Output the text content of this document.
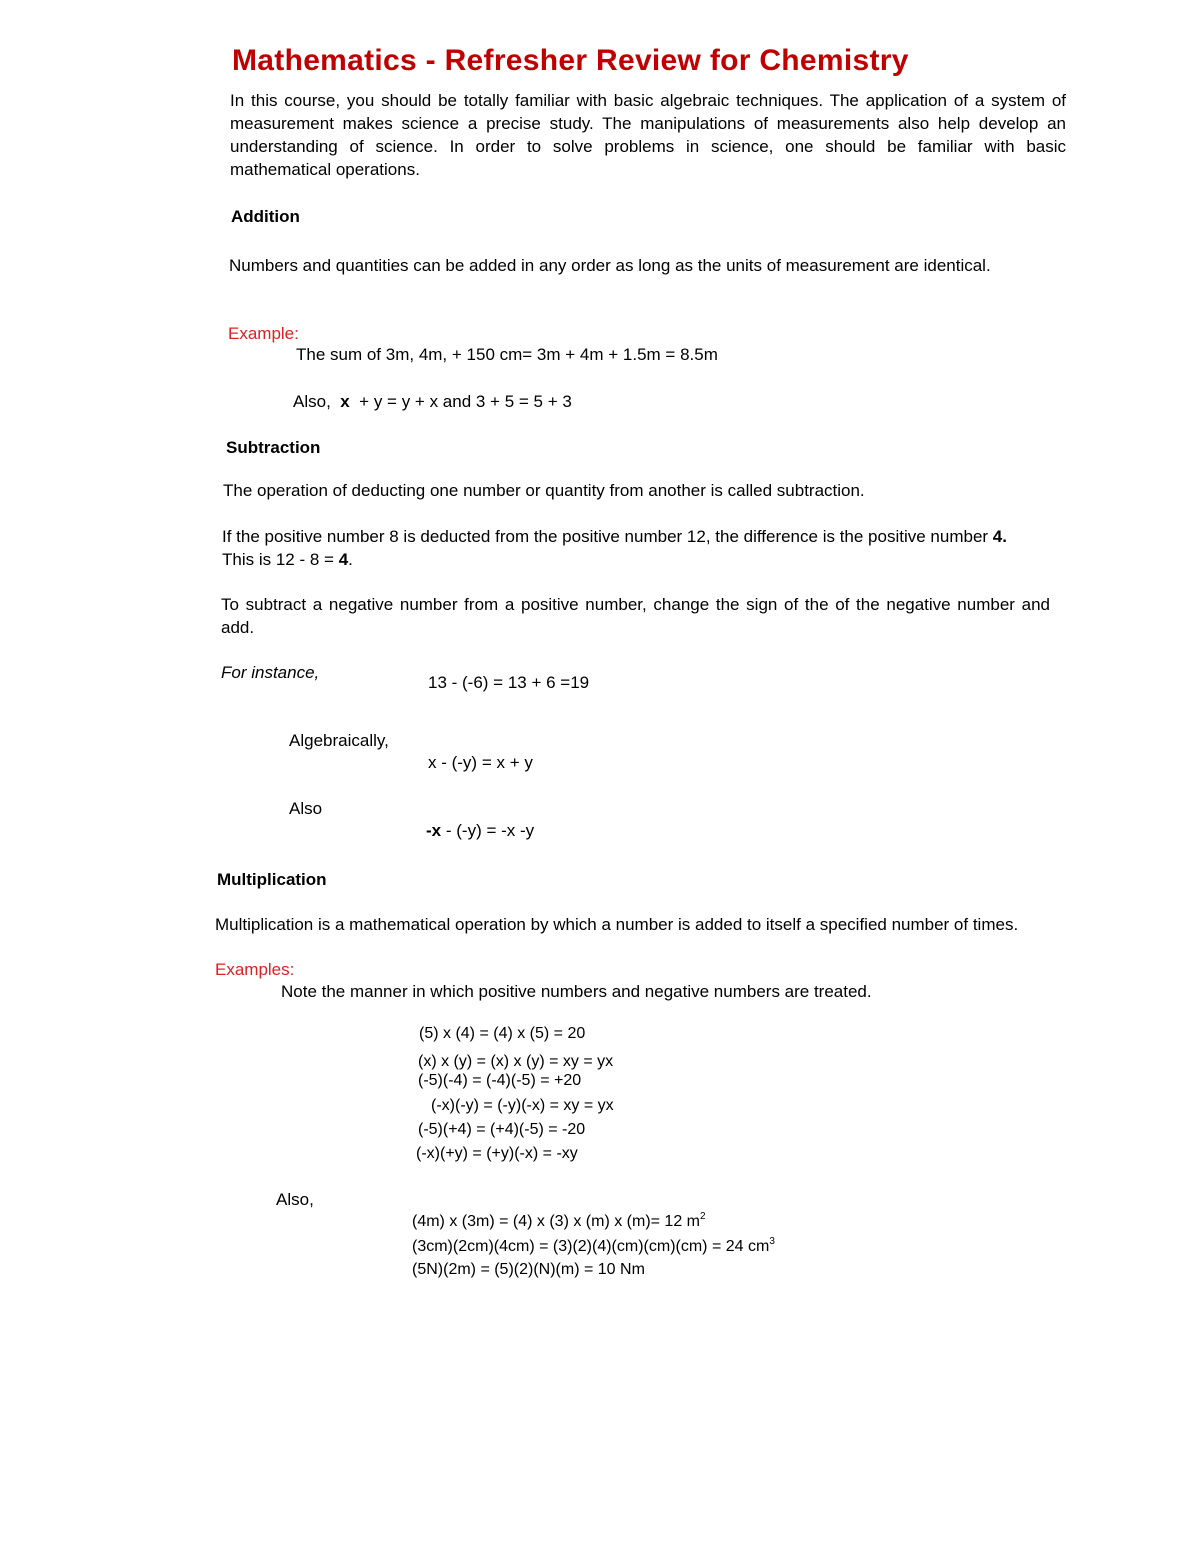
Mathematics - Refresher Review for Chemistry

In this course, you should be totally familiar with basic algebraic techniques. The application of a system of measurement makes science a precise study. The manipulations of measurements also help develop an understanding of science. In order to solve problems in science, one should be familiar with basic mathematical operations.

Addition

Numbers and quantities can be added in any order as long as the units of measurement are identical.

Example:
The sum of 3m, 4m, + 150 cm= 3m + 4m + 1.5m = 8.5m
Also, x + y = y + x and 3 + 5 = 5 + 3
Subtraction
The operation of deducting one number or quantity from another is called subtraction.

If the positive number 8 is deducted from the positive number 12, the difference is the positive number 4. This is 12 - 8 = 4.

To subtract a negative number from a positive number, change the sign of the of the negative number and add.

For instance,
13 - (-6) = 13 + 6 =19
Algebraically,
x - (-y) = x + y
Also
-x - (-y) = -x -y
Multiplication

Multiplication is a mathematical operation by which a number is added to itself a specified number of times.

Examples:
Note the manner in which positive numbers and negative numbers are treated.
(5) x (4) = (4) x (5) = 20
(x) x (y) = (x) x (y) = xy = yx
(-5)(-4) = (-4)(-5) = +20
(-x)(-y) = (-y)(-x) = xy = yx
(-5)(+4) = (+4)(-5) = -20
(-x)(+y) = (+y)(-x) = -xy
Also,
(4m) x (3m) = (4) x (3) x (m) x (m)= 12 $m^2$
(3cm)(2cm)(4cm) = (3)(2)(4)(cm)(cm)(cm) = 24 $cm^3$
(5N)(2m) = (5)(2)(N)(m) = 10 Nm
